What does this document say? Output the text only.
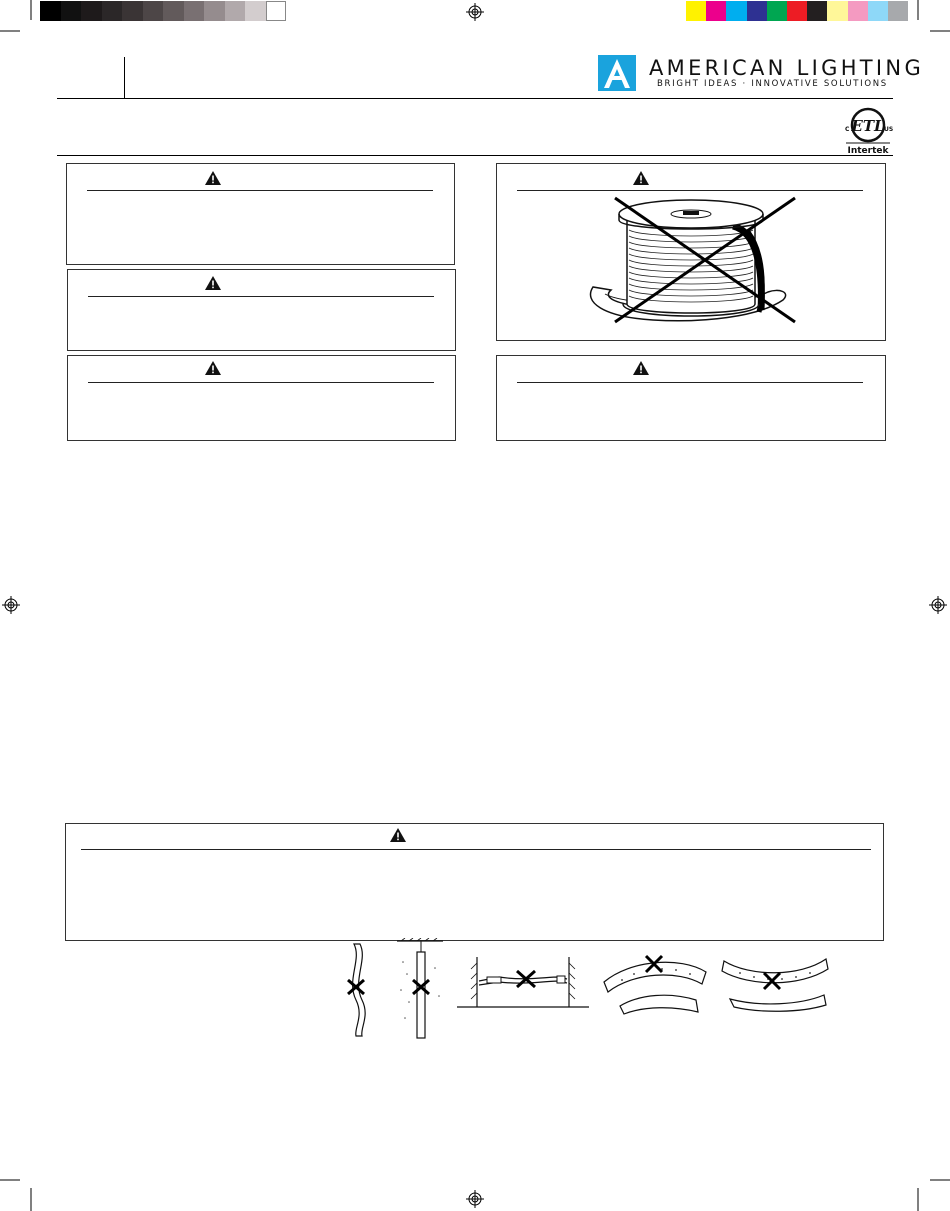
AMERICAN LIGHTING
BRIGHT IDEAS · INNOVATIVE SOLUTIONS
ETL
C	US
Intertek
